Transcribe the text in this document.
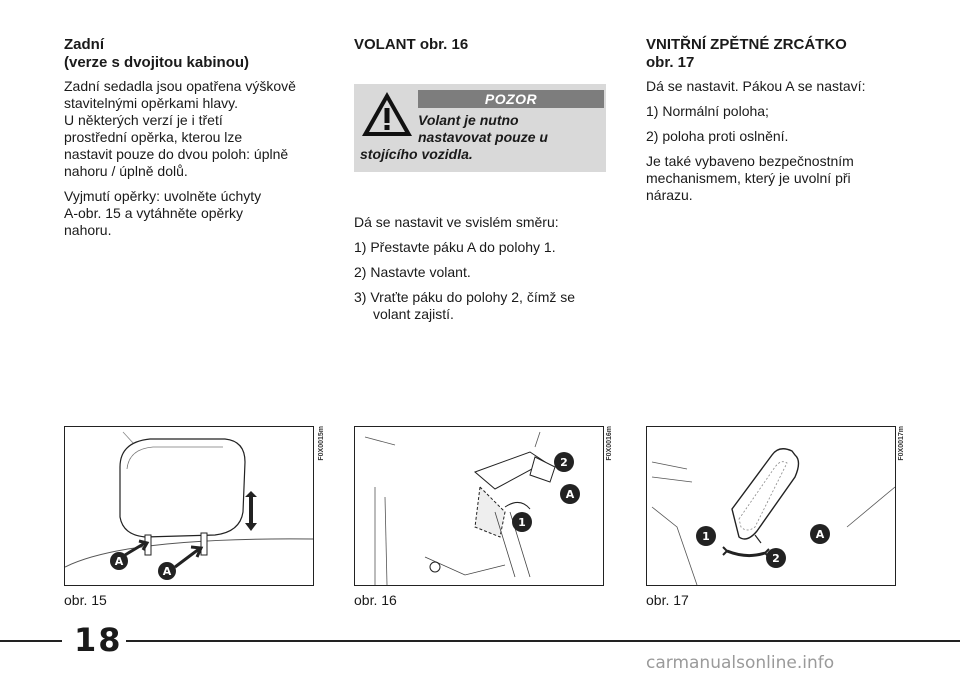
Zadní
(verze s dvojitou kabinou)

Zadní sedadla jsou opatřena výškově
stavitelnými opěrkami hlavy.
U některých verzí je i třetí
prostřední opěrka, kterou lze
nastavit pouze do dvou poloh: úplně
nahoru / úplně dolů.

Vyjmutí opěrky: uvolněte úchyty
A-obr. 15 a vytáhněte opěrky
nahoru.

VOLANT obr. 16
POZOR
Volant je nutno
nastavovat pouze u
stojícího vozidla.

Dá se nastavit ve svislém směru:

1) Přestavte páku A do polohy 1.

2) Nastavte volant.

3) Vraťte páku do polohy 2, čímž se
volant zajistí.

VNITŘNÍ ZPĚTNÉ ZRCÁTKO
obr. 17

Dá se nastavit. Pákou A se nastaví:

1) Normální poloha;

2) poloha proti oslnění.

Je také vybaveno bezpečnostním
mechanismem, který je uvolní při
nárazu.

A
A
F0X0015m
obr. 15
2
A
1
F0X0016m
obr. 16
1	A
2
F0X0017m
obr. 17
18
carmanualsonline.info
